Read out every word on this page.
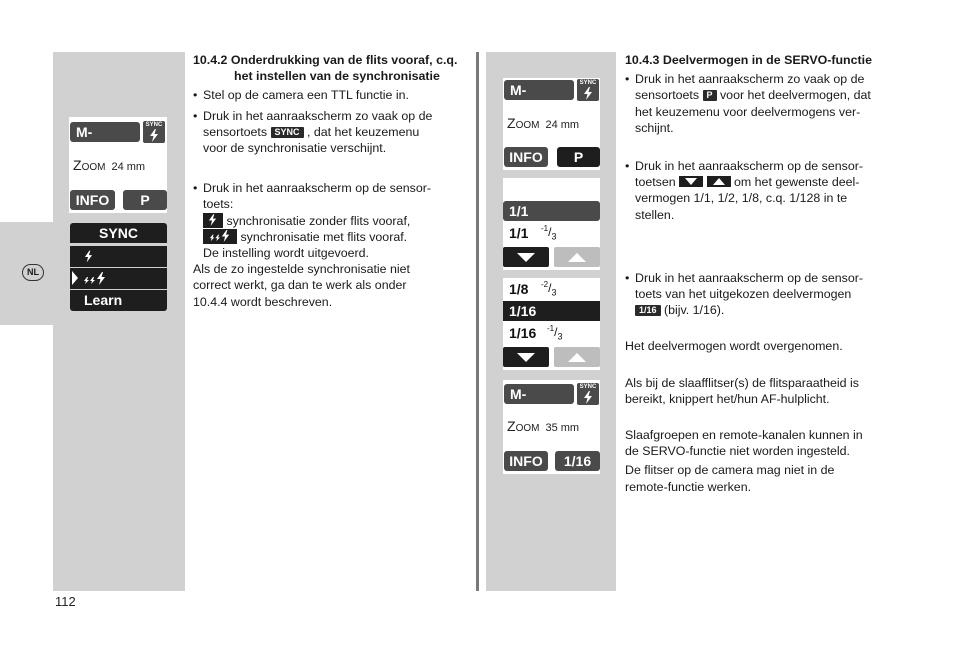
NL
M-SERVO
SYNC
ZOOM 24 mm
INFO	P
SYNC
Learn
10.4.2 Onderdrukking van de flits vooraf, c.q.
het instellen van de synchronisatie
• Stel op de camera een TTL functie in.
• Druk in het aanraakscherm zo vaak op de
sensortoets SYNC , dat het keuzemenu
voor de synchronisatie verschijnt.
• Druk in het aanraakscherm op de sensor-
toets:
synchronisatie zonder flits vooraf,
synchronisatie met flits vooraf.
De instelling wordt uitgevoerd.
Als de zo ingestelde synchronisatie niet
correct werkt, ga dan te werk als onder
10.4.4 wordt beschreven.
M-SERVO
SYNC
ZOOM 24 mm
INFO	P
1/1
1/1	$^{-1}/_3$
1/8	$^{-2}/_3$
1/16
1/16	$^{-1}/_3$
M-SERVO
SYNC
ZOOM 35 mm
INFO	1/16
10.4.3 Deelvermogen in de SERVO-functie
• Druk in het aanraakscherm zo vaak op de
sensortoets P voor het deelvermogen, dat
het keuzemenu voor deelvermogens ver-
schijnt.
• Druk in het aanraakscherm op de sensor-
toetsen
	om het gewenste deel-
vermogen 1/1, 1/2, 1/8, c.q. 1/128 in te
stellen.
• Druk in het aanraakscherm op de sensor-
toets van het uitgekozen deelvermogen
1/16 (bijv. 1/16).
Het deelvermogen wordt overgenomen.
Als bij de slaafflitser(s) de flitsparaatheid is
bereikt, knippert het/hun AF-hulplicht.
Slaafgroepen en remote-kanalen kunnen in
de SERVO-functie niet worden ingesteld.
De flitser op de camera mag niet in de
remote-functie werken.
112
